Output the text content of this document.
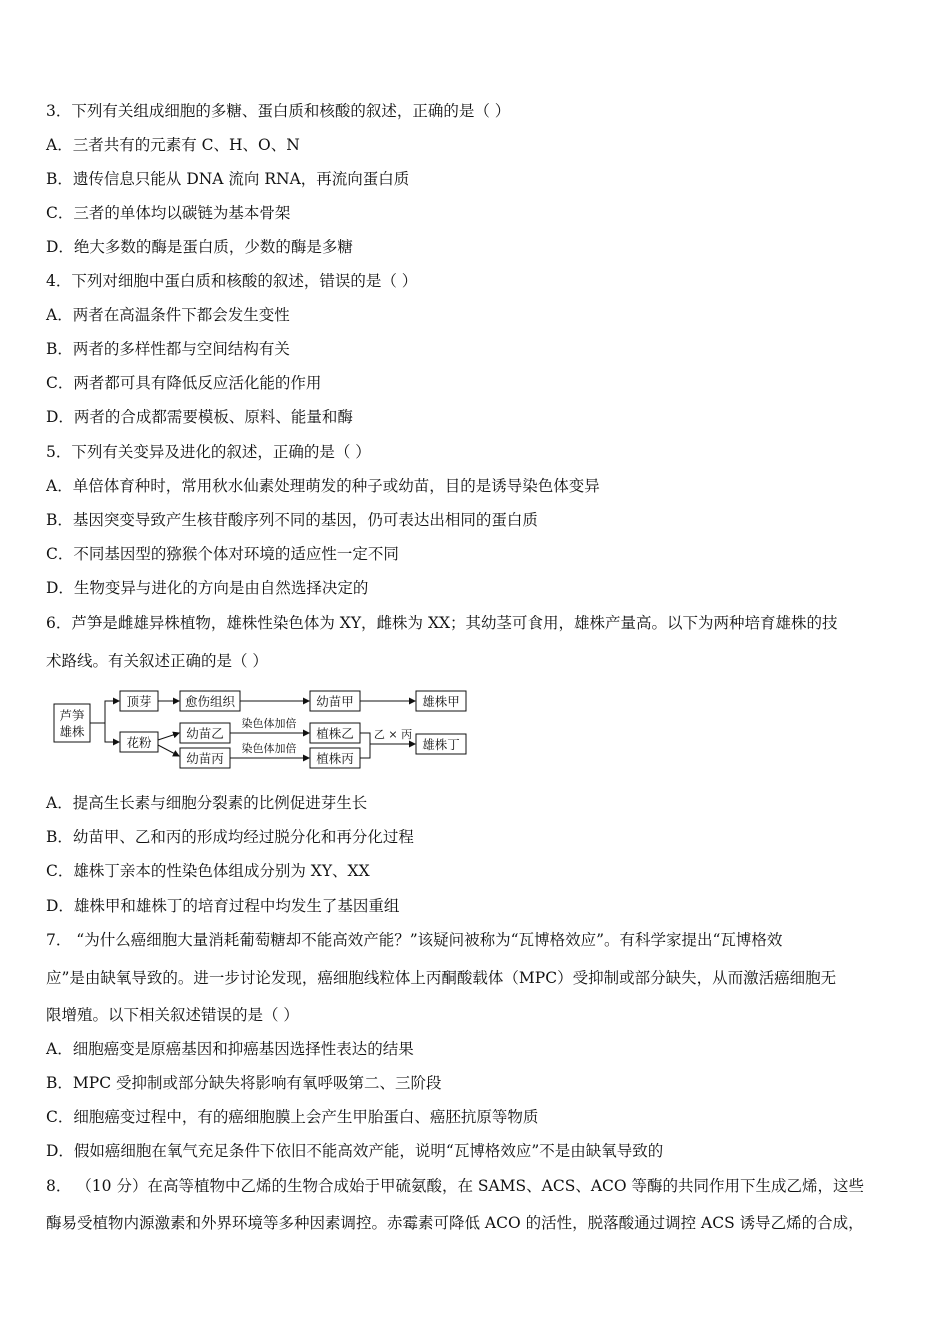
3．下列有关组成细胞的多糖、蛋白质和核酸的叙述，正确的是（ ）
A．三者共有的元素有 C、H、O、N
B．遗传信息只能从 DNA 流向 RNA，再流向蛋白质
C．三者的单体均以碳链为基本骨架
D．绝大多数的酶是蛋白质，少数的酶是多糖
4．下列对细胞中蛋白质和核酸的叙述，错误的是（ ）
A．两者在高温条件下都会发生变性
B．两者的多样性都与空间结构有关
C．两者都可具有降低反应活化能的作用
D．两者的合成都需要模板、原料、能量和酶
5．下列有关变异及进化的叙述，正确的是（ ）
A．单倍体育种时，常用秋水仙素处理萌发的种子或幼苗，目的是诱导染色体变异
B．基因突变导致产生核苷酸序列不同的基因，仍可表达出相同的蛋白质
C．不同基因型的猕猴个体对环境的适应性一定不同
D．生物变异与进化的方向是由自然选择决定的
6．芦笋是雌雄异株植物，雄株性染色体为 XY，雌株为 XX；其幼茎可食用，雄株产量高。以下为两种培育雄株的技
术路线。有关叙述正确的是（ ）
芦笋
雄株
顶芽	愈伤组织	幼苗甲	雄株甲
花粉
幼苗乙
幼苗丙
染色体加倍
染色体加倍
植株乙
植株丙
乙 × 丙
雄株丁
A．提高生长素与细胞分裂素的比例促进芽生长
B．幼苗甲、乙和丙的形成均经过脱分化和再分化过程
C．雄株丁亲本的性染色体组成分别为 XY、XX
D．雄株甲和雄株丁的培育过程中均发生了基因重组
7． “为什么癌细胞大量消耗葡萄糖却不能高效产能？”该疑问被称为“瓦博格效应”。有科学家提出“瓦博格效
应”是由缺氧导致的。进一步讨论发现，癌细胞线粒体上丙酮酸载体（MPC）受抑制或部分缺失，从而激活癌细胞无
限增殖。以下相关叙述错误的是（ ）
A．细胞癌变是原癌基因和抑癌基因选择性表达的结果
B．MPC 受抑制或部分缺失将影响有氧呼吸第二、三阶段
C．细胞癌变过程中，有的癌细胞膜上会产生甲胎蛋白、癌胚抗原等物质
D．假如癌细胞在氧气充足条件下依旧不能高效产能，说明“瓦博格效应”不是由缺氧导致的
8． （10 分）在高等植物中乙烯的生物合成始于甲硫氨酸，在 SAMS、ACS、ACO 等酶的共同作用下生成乙烯，这些
酶易受植物内源激素和外界环境等多种因素调控。赤霉素可降低 ACO 的活性，脱落酸通过调控 ACS 诱导乙烯的合成，
